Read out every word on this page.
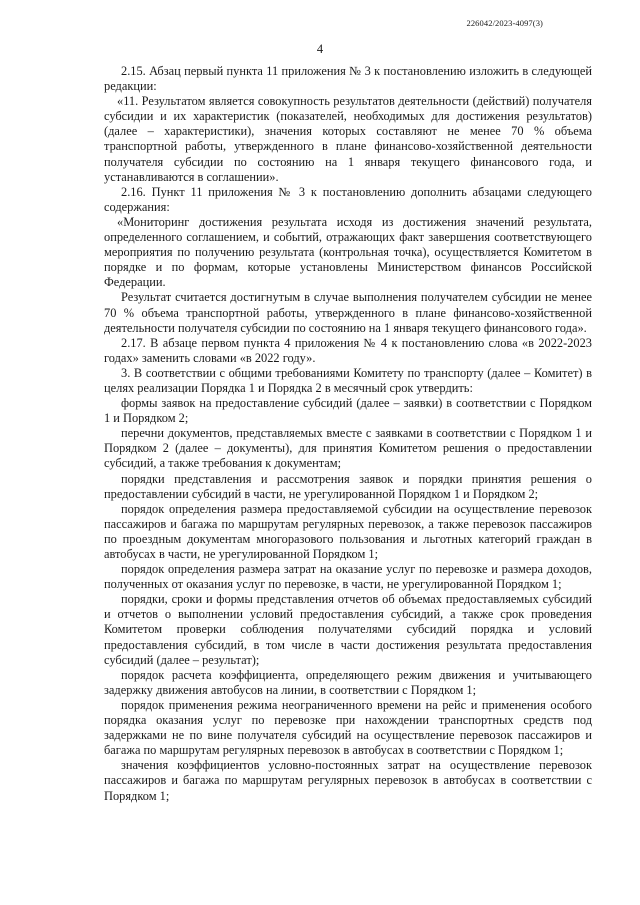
226042/2023-4097(3)
4

2.15. Абзац первый пункта 11 приложения № 3 к постановлению изложить в следующей редакции:

«11. Результатом является совокупность результатов деятельности (действий) получателя субсидии и их характеристик (показателей, необходимых для достижения результатов) (далее – характеристики), значения которых составляют не менее 70 % объема транспортной работы, утвержденного в плане финансово-хозяйственной деятельности получателя субсидии по состоянию на 1 января текущего финансового года, и устанавливаются в соглашении».

2.16. Пункт 11 приложения № 3 к постановлению дополнить абзацами следующего содержания:

«Мониторинг достижения результата исходя из достижения значений результата, определенного соглашением, и событий, отражающих факт завершения соответствующего мероприятия по получению результата (контрольная точка), осуществляется Комитетом в порядке и по формам, которые установлены Министерством финансов Российской Федерации.

Результат считается достигнутым в случае выполнения получателем субсидии не менее 70 % объема транспортной работы, утвержденного в плане финансово-хозяйственной деятельности получателя субсидии по состоянию на 1 января текущего финансового года».

2.17. В абзаце первом пункта 4 приложения № 4 к постановлению слова «в 2022-2023 годах» заменить словами «в 2022 году».

3. В соответствии с общими требованиями Комитету по транспорту (далее – Комитет) в целях реализации Порядка 1 и Порядка 2 в месячный срок утвердить:

формы заявок на предоставление субсидий (далее – заявки) в соответствии с Порядком 1 и Порядком 2;

перечни документов, представляемых вместе с заявками в соответствии с Порядком 1 и Порядком 2 (далее – документы), для принятия Комитетом решения о предоставлении субсидий, а также требования к документам;

порядки представления и рассмотрения заявок и порядки принятия решения о предоставлении субсидий в части, не урегулированной Порядком 1 и Порядком 2;

порядок определения размера предоставляемой субсидии на осуществление перевозок пассажиров и багажа по маршрутам регулярных перевозок, а также перевозок пассажиров по проездным документам многоразового пользования и льготных категорий граждан в автобусах в части, не урегулированной Порядком 1;

порядок определения размера затрат на оказание услуг по перевозке и размера доходов, полученных от оказания услуг по перевозке, в части, не урегулированной Порядком 1;

порядки, сроки и формы представления отчетов об объемах предоставляемых субсидий и отчетов о выполнении условий предоставления субсидий, а также срок проведения Комитетом проверки соблюдения получателями субсидий порядка и условий предоставления субсидий, в том числе в части достижения результата предоставления субсидий (далее – результат);

порядок расчета коэффициента, определяющего режим движения и учитывающего задержку движения автобусов на линии, в соответствии с Порядком 1;

порядок применения режима неограниченного времени на рейс и применения особого порядка оказания услуг по перевозке при нахождении транспортных средств под задержками не по вине получателя субсидий на осуществление перевозок пассажиров и багажа по маршрутам регулярных перевозок в автобусах в соответствии с Порядком 1;

значения коэффициентов условно-постоянных затрат на осуществление перевозок пассажиров и багажа по маршрутам регулярных перевозок в автобусах в соответствии с Порядком 1;
